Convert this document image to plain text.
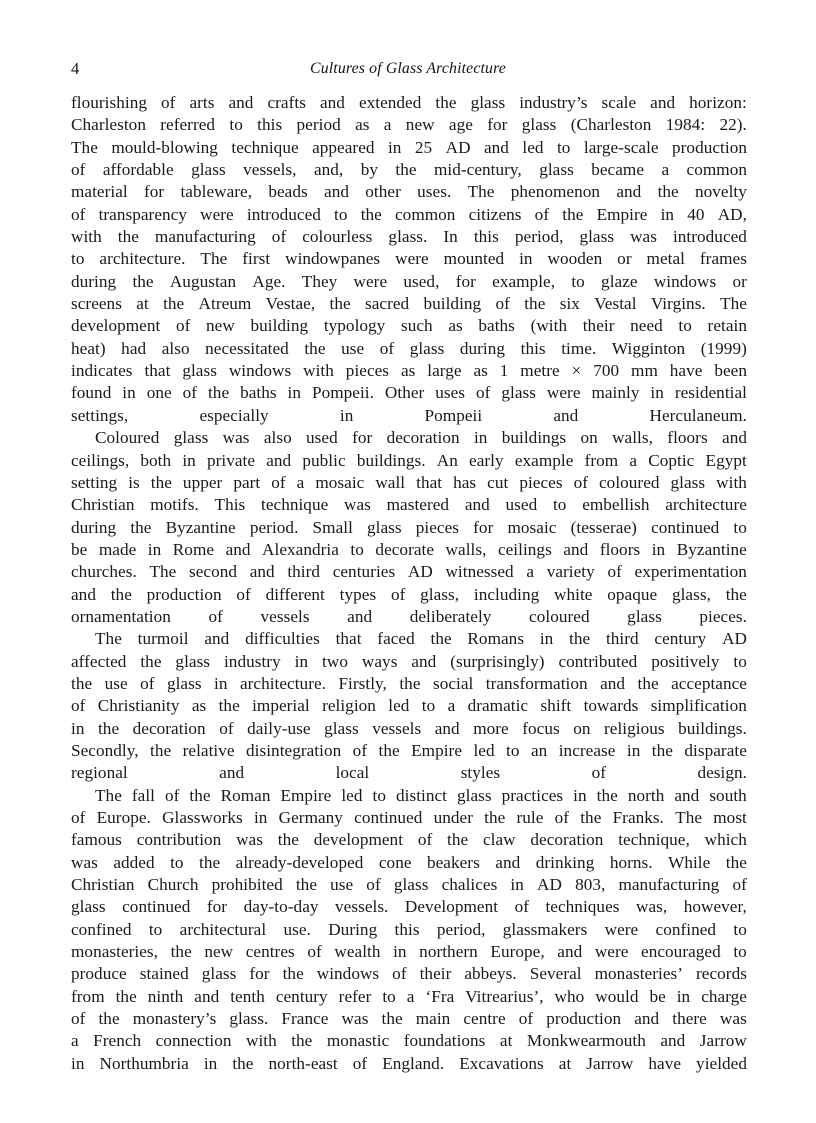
4	Cultures of Glass Architecture

flourishing of arts and crafts and extended the glass industry’s scale and horizon:
Charleston referred to this period as a new age for glass (Charleston 1984: 22).
The mould-blowing technique appeared in 25 AD and led to large-scale production
of affordable glass vessels, and, by the mid-century, glass became a common
material for tableware, beads and other uses. The phenomenon and the novelty
of transparency were introduced to the common citizens of the Empire in 40 AD,
with the manufacturing of colourless glass. In this period, glass was introduced
to architecture. The first windowpanes were mounted in wooden or metal frames
during the Augustan Age. They were used, for example, to glaze windows or
screens at the Atreum Vestae, the sacred building of the six Vestal Virgins. The
development of new building typology such as baths (with their need to retain
heat) had also necessitated the use of glass during this time. Wigginton (1999)
indicates that glass windows with pieces as large as 1 metre × 700 mm have been
found in one of the baths in Pompeii. Other uses of glass were mainly in residential
settings, especially in Pompeii and Herculaneum.

Coloured glass was also used for decoration in buildings on walls, floors and
ceilings, both in private and public buildings. An early example from a Coptic Egypt
setting is the upper part of a mosaic wall that has cut pieces of coloured glass with
Christian motifs. This technique was mastered and used to embellish architecture
during the Byzantine period. Small glass pieces for mosaic (tesserae) continued to
be made in Rome and Alexandria to decorate walls, ceilings and floors in Byzantine
churches. The second and third centuries AD witnessed a variety of experimentation
and the production of different types of glass, including white opaque glass, the
ornamentation of vessels and deliberately coloured glass pieces.

The turmoil and difficulties that faced the Romans in the third century AD
affected the glass industry in two ways and (surprisingly) contributed positively to
the use of glass in architecture. Firstly, the social transformation and the acceptance
of Christianity as the imperial religion led to a dramatic shift towards simplification
in the decoration of daily-use glass vessels and more focus on religious buildings.
Secondly, the relative disintegration of the Empire led to an increase in the disparate
regional and local styles of design.

The fall of the Roman Empire led to distinct glass practices in the north and south
of Europe. Glassworks in Germany continued under the rule of the Franks. The most
famous contribution was the development of the claw decoration technique, which
was added to the already-developed cone beakers and drinking horns. While the
Christian Church prohibited the use of glass chalices in AD 803, manufacturing of
glass continued for day-to-day vessels. Development of techniques was, however,
confined to architectural use. During this period, glassmakers were confined to
monasteries, the new centres of wealth in northern Europe, and were encouraged to
produce stained glass for the windows of their abbeys. Several monasteries’ records
from the ninth and tenth century refer to a ‘Fra Vitrearius’, who would be in charge
of the monastery’s glass. France was the main centre of production and there was
a French connection with the monastic foundations at Monkwearmouth and Jarrow
in Northumbria in the north-east of England. Excavations at Jarrow have yielded
